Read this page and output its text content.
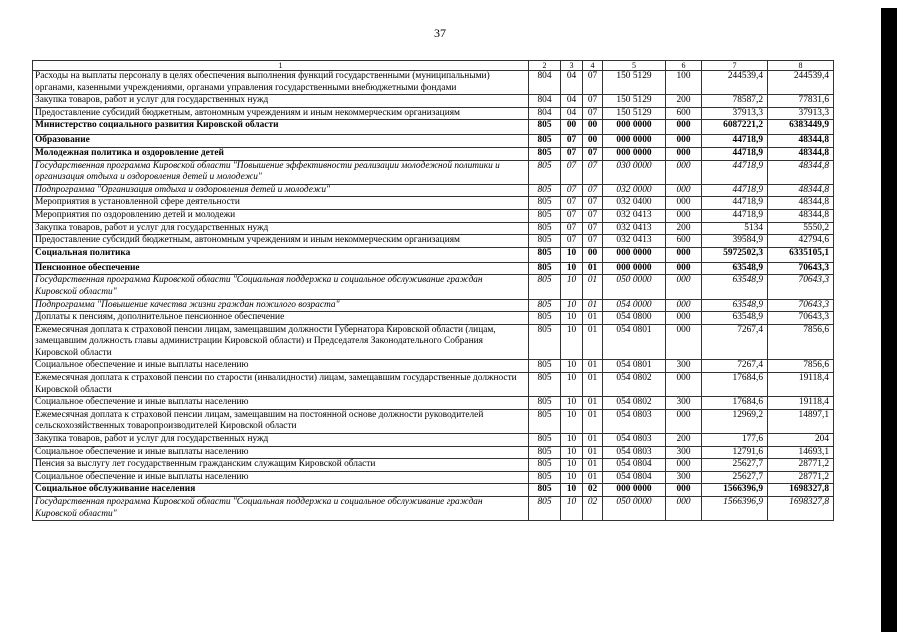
37
1	2	3	4	5	6	7	8
Расходы на выплаты персоналу в целях обеспечения выполнения функций государственными (муниципальными) органами, казенными учреждениями, органами управления государственными внебюджетными фондами	804	04	07	150 5129	100	244539,4	244539,4
Закупка товаров, работ и услуг для государственных нужд	804	04	07	150 5129	200	78587,2	77831,6
Предоставление субсидий бюджетным, автономным учреждениям и иным некоммерческим организациям	804	04	07	150 5129	600	37913,3	37913,3
Министерство социального развития Кировской области	805	00	00	000 0000	000	6087221,2	6383449,9
Образование	805	07	00	000 0000	000	44718,9	48344,8
Молодежная политика и оздоровление детей	805	07	07	000 0000	000	44718,9	48344,8
Государственная программа Кировской области "Повышение эффективности реализации молодежной политики и организация отдыха и оздоровления детей и молодежи"	805	07	07	030 0000	000	44718,9	48344,8
Подпрограмма "Организация отдыха и оздоровления детей и молодежи"	805	07	07	032 0000	000	44718,9	48344,8
Мероприятия в установленной сфере деятельности	805	07	07	032 0400	000	44718,9	48344,8
Мероприятия по оздоровлению детей и молодежи	805	07	07	032 0413	000	44718,9	48344,8
Закупка товаров, работ и услуг для государственных нужд	805	07	07	032 0413	200	5134	5550,2
Предоставление субсидий бюджетным, автономным учреждениям и иным некоммерческим организациям	805	07	07	032 0413	600	39584,9	42794,6
Социальная политика	805	10	00	000 0000	000	5972502,3	6335105,1
Пенсионное обеспечение	805	10	01	000 0000	000	63548,9	70643,3
Государственная программа Кировской области "Социальная поддержка и социальное обслуживание граждан Кировской области"	805	10	01	050 0000	000	63548,9	70643,3
Подпрограмма "Повышение качества жизни граждан пожилого возраста"	805	10	01	054 0000	000	63548,9	70643,3
Доплаты к пенсиям, дополнительное пенсионное обеспечение	805	10	01	054 0800	000	63548,9	70643,3
Ежемесячная доплата к страховой пенсии лицам, замещавшим должности Губернатора Кировской области (лицам, замещавшим должность главы администрации Кировской области) и Председателя Законодательного Собрания Кировской области	805	10	01	054 0801	000	7267,4	7856,6
Социальное обеспечение и иные выплаты населению	805	10	01	054 0801	300	7267,4	7856,6
Ежемесячная доплата к страховой пенсии по старости (инвалидности) лицам, замещавшим государственные должности Кировской области	805	10	01	054 0802	000	17684,6	19118,4
Социальное обеспечение и иные выплаты населению	805	10	01	054 0802	300	17684,6	19118,4
Ежемесячная доплата к страховой пенсии лицам, замещавшим на постоянной основе должности руководителей сельскохозяйственных товаропроизводителей Кировской области	805	10	01	054 0803	000	12969,2	14897,1
Закупка товаров, работ и услуг для государственных нужд	805	10	01	054 0803	200	177,6	204
Социальное обеспечение и иные выплаты населению	805	10	01	054 0803	300	12791,6	14693,1
Пенсия за выслугу лет государственным гражданским служащим Кировской области	805	10	01	054 0804	000	25627,7	28771,2
Социальное обеспечение и иные выплаты населению	805	10	01	054 0804	300	25627,7	28771,2
Социальное обслуживание населения	805	10	02	000 0000	000	1566396,9	1698327,8
Государственная программа Кировской области "Социальная поддержка и социальное обслуживание граждан Кировской области"	805	10	02	050 0000	000	1566396,9	1698327,8
